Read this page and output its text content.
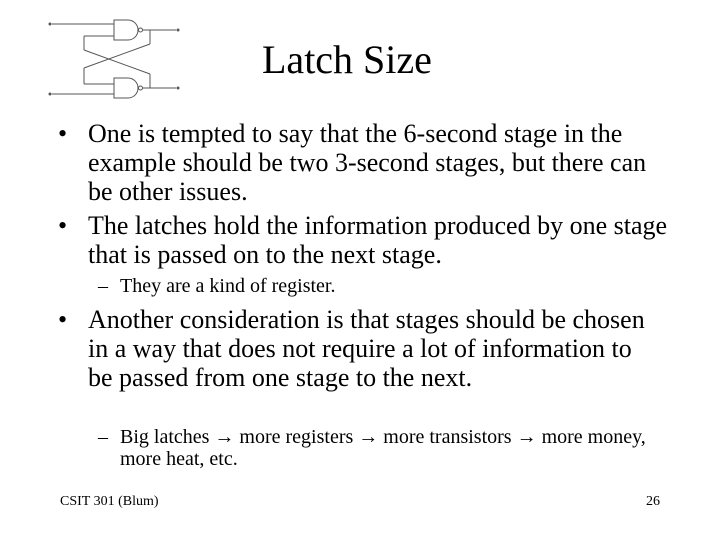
Latch Size
• One is tempted to say that the 6-second stage in the example should be two 3-second stages, but there can be other issues.
• The latches hold the information produced by one stage that is passed on to the next stage.
– They are a kind of register.
• Another consideration is that stages should be chosen in a way that does not require a lot of information to be passed from one stage to the next.
– Big latches → more registers → more transistors → more money, more heat, etc.
CSIT 301 (Blum)	26
